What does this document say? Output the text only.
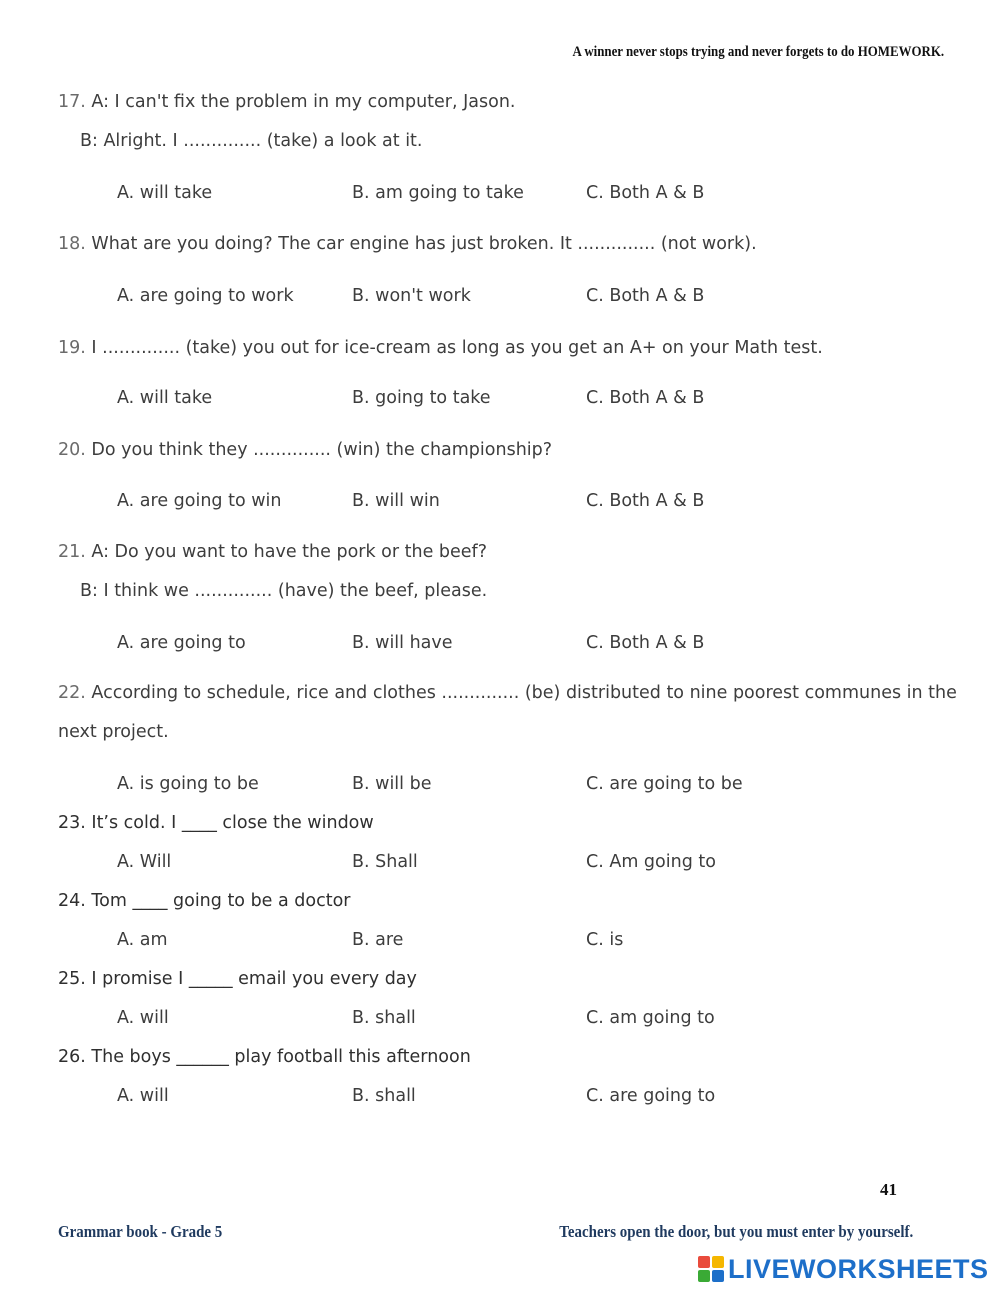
A winner never stops trying and never forgets to do HOMEWORK.
17. A: I can't fix the problem in my computer, Jason.
B: Alright. I .............. (take) a look at it.
A. will take	B. am going to take	C. Both A & B
18. What are you doing? The car engine has just broken. It .............. (not work).
A. are going to work	B. won't work	C. Both A & B
19. I .............. (take) you out for ice-cream as long as you get an A+ on your Math test.
A. will take	B. going to take	C. Both A & B
20. Do you think they .............. (win) the championship?
A. are going to win	B. will win	C. Both A & B
21. A: Do you want to have the pork or the beef?
B: I think we .............. (have) the beef, please.
A. are going to	B. will have	C. Both A & B
22. According to schedule, rice and clothes .............. (be) distributed to nine poorest communes in the
next project.
A. is going to be	B. will be	C. are going to be
23. It’s cold. I ____ close the window
A. Will	B. Shall	C. Am going to
24. Tom ____ going to be a doctor
A. am	B. are	C. is
25. I promise I _____ email you every day
A. will	B. shall	C. am going to
26. The boys ______ play football this afternoon
A. will	B. shall	C. are going to
41
Grammar book - Grade 5	Teachers open the door, but you must enter by yourself.
LIVEWORKSHEETS
